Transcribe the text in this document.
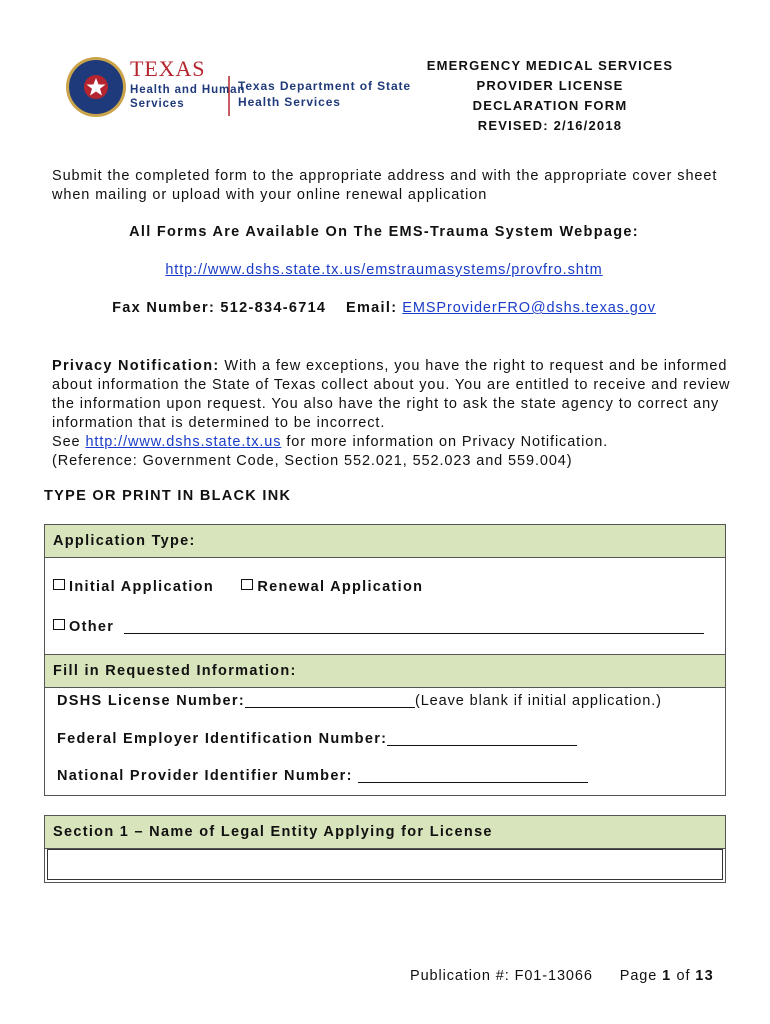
TEXAS
Health and Human
Services
Texas Department of State
Health Services
EMERGENCY MEDICAL SERVICES
PROVIDER LICENSE
DECLARATION FORM
REVISED: 2/16/2018
Submit the completed form to the appropriate address and with the appropriate cover sheet when mailing or upload with your online renewal application
All Forms Are Available On The EMS-Trauma System Webpage:
http://www.dshs.state.tx.us/emstraumasystems/provfro.shtm
Fax Number: 512-834-6714 Email: EMSProviderFRO@dshs.texas.gov
Privacy Notification: With a few exceptions, you have the right to request and be informed about information the State of Texas collect about you. You are entitled to receive and review the information upon request. You also have the right to ask the state agency to correct any information that is determined to be incorrect.
See http://www.dshs.state.tx.us for more information on Privacy Notification.
(Reference: Government Code, Section 552.021, 552.023 and 559.004)
TYPE OR PRINT IN BLACK INK
Application Type:
Initial Application	Renewal Application
Other
Fill in Requested Information:
DSHS License Number:	(Leave blank if initial application.)
Federal Employer Identification Number:
National Provider Identifier Number:
Section 1 – Name of Legal Entity Applying for License
Publication #: F01-13066 Page 1 of 13
